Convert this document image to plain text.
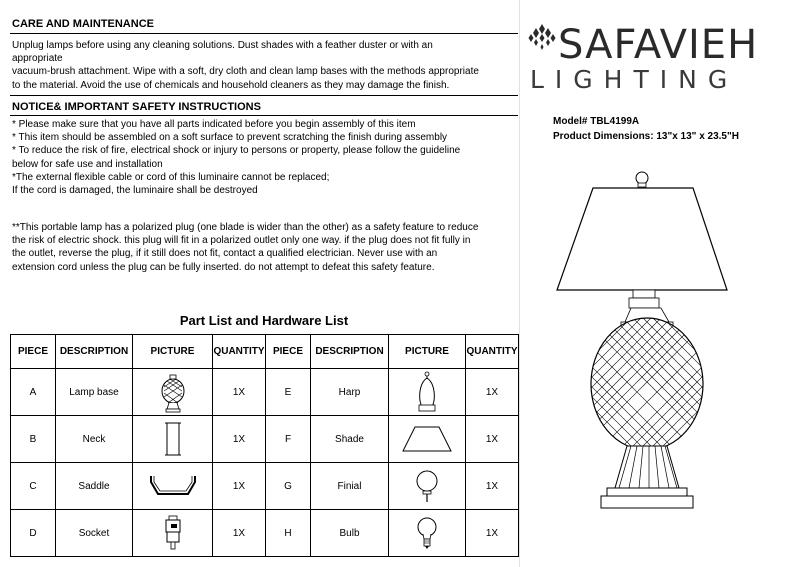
CARE AND MAINTENANCE
Unplug lamps before using any cleaning solutions. Dust shades with a feather duster or with an
appropriate
vacuum-brush attachment. Wipe with a soft, dry cloth and clean lamp bases with the methods appropriate
to the material. Avoid the use of chemicals and household cleaners as they may damage the finish.
NOTICE& IMPORTANT SAFETY INSTRUCTIONS
* Please make sure that you have all parts indicated before you begin assembly of this item
* This item should be assembled on a soft surface to prevent scratching the finish during assembly
* To reduce the risk of fire, electrical shock or injury to persons or property, please follow the guideline
below for safe use and installation
*The external flexible cable or cord of this luminaire cannot be replaced;
If the cord is damaged, the luminaire shall be destroyed
**This portable lamp has a polarized plug (one blade is wider than the other) as a safety feature to reduce
the risk of electric shock. this plug will fit in a polarized outlet only one way. if the plug does not fit fully in
the outlet, reverse the plug, if it still does not fit, contact a qualified electrician. Never use with an
extension cord unless the plug can be fully inserted. do not attempt to defeat this safety feature.
Part List and Hardware List
PIECE	DESCRIPTION	PICTURE	QUANTITY	PIECE	DESCRIPTION	PICTURE	QUANTITY
A	Lamp base		1X	E	Harp		1X
B	Neck		1X	F	Shade		1X
C	Saddle		1X	G	Finial		1X
D	Socket		1X	H	Bulb		1X
SAFAVIEH
LIGHTING
Model# TBL4199A
Product Dimensions: 13"x 13" x 23.5"H
